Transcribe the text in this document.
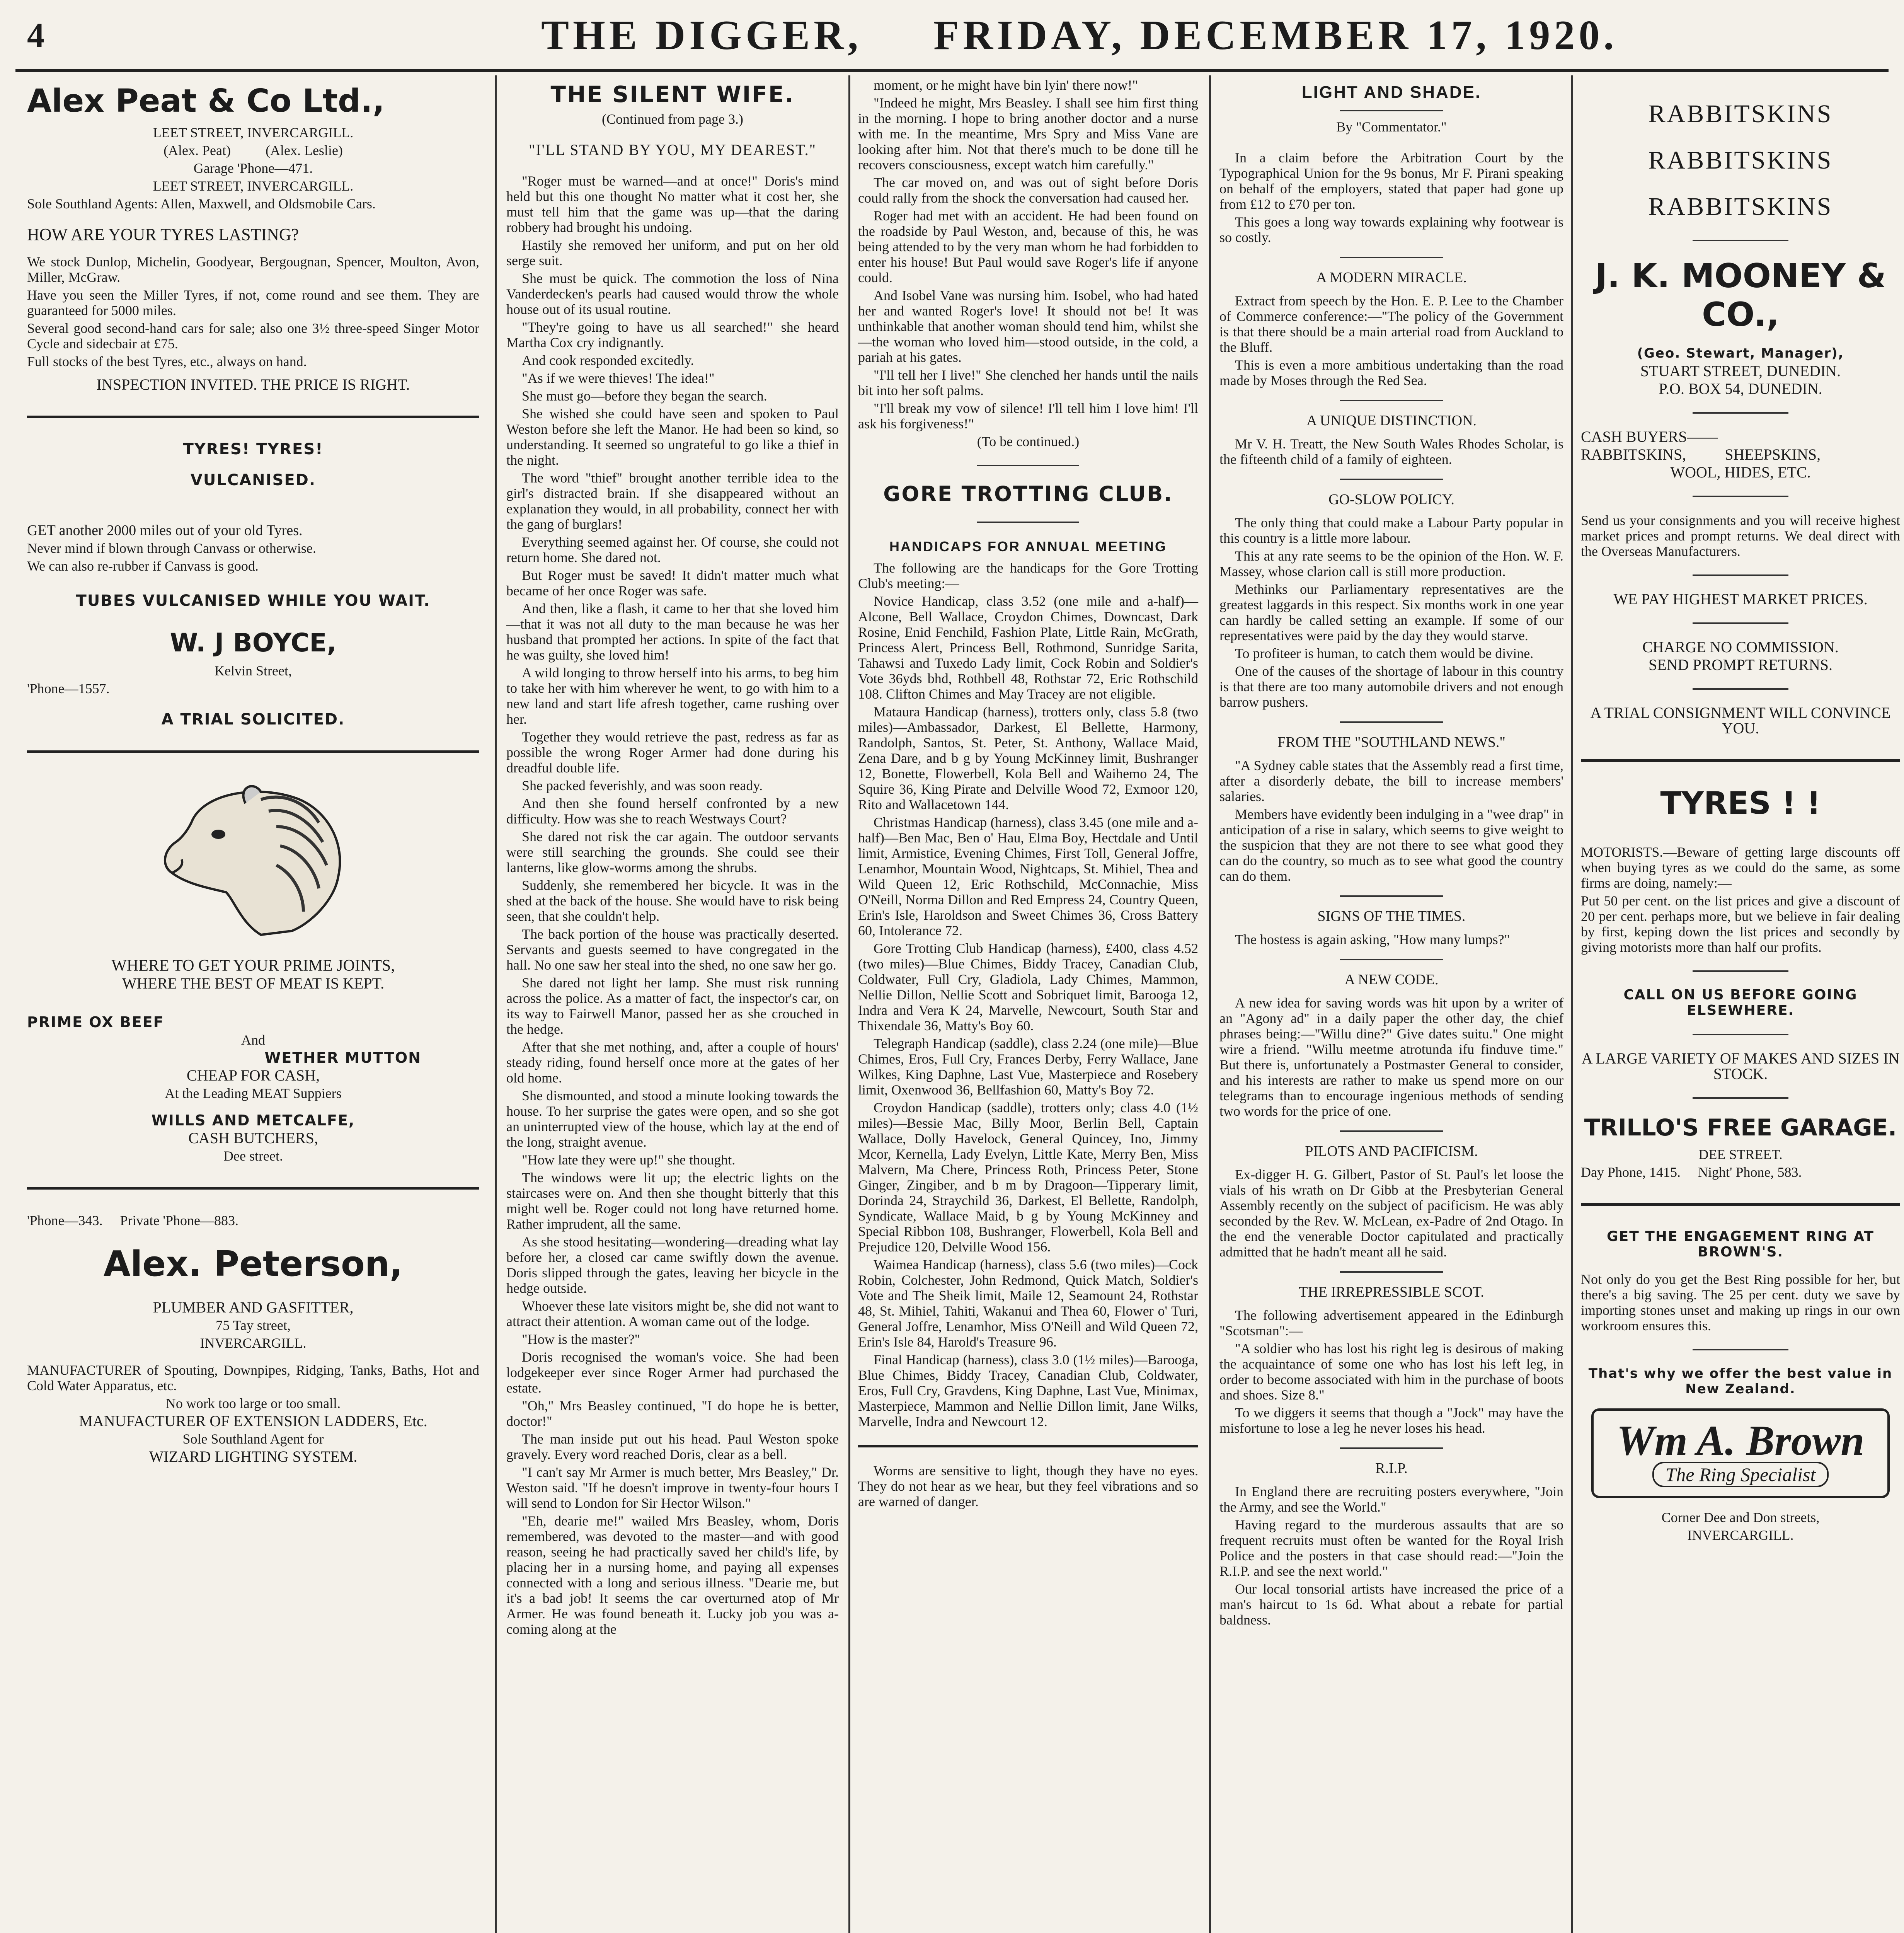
4	THE DIGGER, FRIDAY, DECEMBER 17, 1920.
Alex Peat & Co Ltd.,

LEET STREET, INVERCARGILL.

(Alex. Peat)          (Alex. Leslie)

Garage 'Phone—471.

LEET STREET, INVERCARGILL.

Sole Southland Agents: Allen, Maxwell, and Oldsmobile Cars.

HOW ARE YOUR TYRES LASTING?

We stock Dunlop, Michelin, Goodyear, Bergougnan, Spencer, Moulton, Avon, Miller, McGraw.

Have you seen the Miller Tyres, if not, come round and see them. They are guaranteed for 5000 miles.

Several good second-hand cars for sale; also one 3½ three-speed Singer Motor Cycle and sidecbair at £75.

Full stocks of the best Tyres, etc., always on hand.

INSPECTION INVITED. THE PRICE IS RIGHT.

TYRES! TYRES!

VULCANISED.

GET another 2000 miles out of your old Tyres.

Never mind if blown through Canvass or otherwise.

We can also re-rubber if Canvass is good.

TUBES VULCANISED WHILE YOU WAIT.

W. J BOYCE,

Kelvin Street,

'Phone—1557.

A TRIAL SOLICITED.

WHERE TO GET YOUR PRIME JOINTS,

WHERE THE BEST OF MEAT IS KEPT.

PRIME OX BEEF

And

WETHER MUTTON

CHEAP FOR CASH,

At the Leading MEAT Suppiers

WILLS AND METCALFE,

CASH BUTCHERS,

Dee street.

'Phone—343.     Private 'Phone—883.

Alex. Peterson,

PLUMBER AND GASFITTER,

75 Tay street,

INVERCARGILL.

MANUFACTURER of Spouting, Downpipes, Ridging, Tanks, Baths, Hot and Cold Water Apparatus, etc.

No work too large or too small.

MANUFACTURER OF EXTENSION LADDERS, Etc.

Sole Southland Agent for

WIZARD LIGHTING SYSTEM.

THE SILENT WIFE.

(Continued from page 3.)

"I'LL STAND BY YOU, MY DEAREST."

"Roger must be warned—and at once!" Doris's mind held but this one thought No matter what it cost her, she must tell him that the game was up—that the daring robbery had brought his undoing.

Hastily she removed her uniform, and put on her old serge suit.

She must be quick. The commotion the loss of Nina Vanderdecken's pearls had caused would throw the whole house out of its usual routine.

"They're going to have us all searched!" she heard Martha Cox cry indignantly.

And cook responded excitedly.

"As if we were thieves! The idea!"

She must go—before they began the search.

She wished she could have seen and spoken to Paul Weston before she left the Manor. He had been so kind, so understanding. It seemed so ungrateful to go like a thief in the night.

The word "thief" brought another terrible idea to the girl's distracted brain. If she disappeared without an explanation they would, in all probability, connect her with the gang of burglars!

Everything seemed against her. Of course, she could not return home. She dared not.

But Roger must be saved! It didn't matter much what became of her once Roger was safe.

And then, like a flash, it came to her that she loved him—that it was not all duty to the man because he was her husband that prompted her actions. In spite of the fact that he was guilty, she loved him!

A wild longing to throw herself into his arms, to beg him to take her with him wherever he went, to go with him to a new land and start life afresh together, came rushing over her.

Together they would retrieve the past, redress as far as possible the wrong Roger Armer had done during his dreadful double life.

She packed feverishly, and was soon ready.

And then she found herself confronted by a new difficulty. How was she to reach Westways Court?

She dared not risk the car again. The outdoor servants were still searching the grounds. She could see their lanterns, like glow-worms among the shrubs.

Suddenly, she remembered her bicycle. It was in the shed at the back of the house. She would have to risk being seen, that she couldn't help.

The back portion of the house was practically deserted. Servants and guests seemed to have congregated in the hall. No one saw her steal into the shed, no one saw her go.

She dared not light her lamp. She must risk running across the police. As a matter of fact, the inspector's car, on its way to Fairwell Manor, passed her as she crouched in the hedge.

After that she met nothing, and, after a couple of hours' steady riding, found herself once more at the gates of her old home.

She dismounted, and stood a minute looking towards the house. To her surprise the gates were open, and so she got an uninterrupted view of the house, which lay at the end of the long, straight avenue.

"How late they were up!" she thought.

The windows were lit up; the electric lights on the staircases were on. And then she thought bitterly that this might well be. Roger could not long have returned home. Rather imprudent, all the same.

As she stood hesitating—wondering—dreading what lay before her, a closed car came swiftly down the avenue. Doris slipped through the gates, leaving her bicycle in the hedge outside.

Whoever these late visitors might be, she did not want to attract their attention. A woman came out of the lodge.

"How is the master?"

Doris recognised the woman's voice. She had been lodgekeeper ever since Roger Armer had purchased the estate.

"Oh," Mrs Beasley continued, "I do hope he is better, doctor!"

The man inside put out his head. Paul Weston spoke gravely. Every word reached Doris, clear as a bell.

"I can't say Mr Armer is much better, Mrs Beasley," Dr. Weston said. "If he doesn't improve in twenty-four hours I will send to London for Sir Hector Wilson."

"Eh, dearie me!" wailed Mrs Beasley, whom, Doris remembered, was devoted to the master—and with good reason, seeing he had practically saved her child's life, by placing her in a nursing home, and paying all expenses connected with a long and serious illness. "Dearie me, but it's a bad job! It seems the car overturned atop of Mr Armer. He was found beneath it. Lucky job you was a-coming along at the

moment, or he might have bin lyin' there now!"

"Indeed he might, Mrs Beasley. I shall see him first thing in the morning. I hope to bring another doctor and a nurse with me. In the meantime, Mrs Spry and Miss Vane are looking after him. Not that there's much to be done till he recovers consciousness, except watch him carefully."

The car moved on, and was out of sight before Doris could rally from the shock the conversation had caused her.

Roger had met with an accident. He had been found on the roadside by Paul Weston, and, because of this, he was being attended to by the very man whom he had forbidden to enter his house! But Paul would save Roger's life if anyone could.

And Isobel Vane was nursing him. Isobel, who had hated her and wanted Roger's love! It should not be! It was unthinkable that another woman should tend him, whilst she—the woman who loved him—stood outside, in the cold, a pariah at his gates.

"I'll tell her I live!" She clenched her hands until the nails bit into her soft palms.

"I'll break my vow of silence! I'll tell him I love him! I'll ask his forgiveness!"

(To be continued.)

GORE TROTTING CLUB.
HANDICAPS FOR ANNUAL MEETING

The following are the handicaps for the Gore Trotting Club's meeting:—

Novice Handicap, class 3.52 (one mile and a-half)—Alcone, Bell Wallace, Croydon Chimes, Downcast, Dark Rosine, Enid Fenchild, Fashion Plate, Little Rain, McGrath, Princess Alert, Princess Bell, Rothmond, Sunridge Sarita, Tahawsi and Tuxedo Lady limit, Cock Robin and Soldier's Vote 36yds bhd, Rothbell 48, Rothstar 72, Eric Rothschild 108. Clifton Chimes and May Tracey are not eligible.

Mataura Handicap (harness), trotters only, class 5.8 (two miles)—Ambassador, Darkest, El Bellette, Harmony, Randolph, Santos, St. Peter, St. Anthony, Wallace Maid, Zena Dare, and b g by Young McKinney limit, Bushranger 12, Bonette, Flowerbell, Kola Bell and Waihemo 24, The Squire 36, King Pirate and Delville Wood 72, Exmoor 120, Rito and Wallacetown 144.

Christmas Handicap (harness), class 3.45 (one mile and a-half)—Ben Mac, Ben o' Hau, Elma Boy, Hectdale and Until limit, Armistice, Evening Chimes, First Toll, General Joffre, Lenamhor, Mountain Wood, Nightcaps, St. Mihiel, Thea and Wild Queen 12, Eric Rothschild, McConnachie, Miss O'Neill, Norma Dillon and Red Empress 24, Country Queen, Erin's Isle, Haroldson and Sweet Chimes 36, Cross Battery 60, Intolerance 72.

Gore Trotting Club Handicap (harness), £400, class 4.52 (two miles)—Blue Chimes, Biddy Tracey, Canadian Club, Coldwater, Full Cry, Gladiola, Lady Chimes, Mammon, Nellie Dillon, Nellie Scott and Sobriquet limit, Barooga 12, Indra and Vera K 24, Marvelle, Newcourt, South Star and Thixendale 36, Matty's Boy 60.

Telegraph Handicap (saddle), class 2.24 (one mile)—Blue Chimes, Eros, Full Cry, Frances Derby, Ferry Wallace, Jane Wilkes, King Daphne, Last Vue, Masterpiece and Rosebery limit, Oxenwood 36, Bellfashion 60, Matty's Boy 72.

Croydon Handicap (saddle), trotters only; class 4.0 (1½ miles)—Bessie Mac, Billy Moor, Berlin Bell, Captain Wallace, Dolly Havelock, General Quincey, Ino, Jimmy Mcor, Kernella, Lady Evelyn, Little Kate, Merry Ben, Miss Malvern, Ma Chere, Princess Roth, Princess Peter, Stone Ginger, Zingiber, and b m by Dragoon—Tipperary limit, Dorinda 24, Straychild 36, Darkest, El Bellette, Randolph, Syndicate, Wallace Maid, b g by Young McKinney and Special Ribbon 108, Bushranger, Flowerbell, Kola Bell and Prejudice 120, Delville Wood 156.

Waimea Handicap (harness), class 5.6 (two miles)—Cock Robin, Colchester, John Redmond, Quick Match, Soldier's Vote and The Sheik limit, Maile 12, Seamount 24, Rothstar 48, St. Mihiel, Tahiti, Wakanui and Thea 60, Flower o' Turi, General Joffre, Lenamhor, Miss O'Neill and Wild Queen 72, Erin's Isle 84, Harold's Treasure 96.

Final Handicap (harness), class 3.0 (1½ miles)—Barooga, Blue Chimes, Biddy Tracey, Canadian Club, Coldwater, Eros, Full Cry, Gravdens, King Daphne, Last Vue, Minimax, Masterpiece, Mammon and Nellie Dillon limit, Jane Wilks, Marvelle, Indra and Newcourt 12.

Worms are sensitive to light, though they have no eyes. They do not hear as we hear, but they feel vibrations and so are warned of danger.

LIGHT AND SHADE.

By "Commentator."

In a claim before the Arbitration Court by the Typographical Union for the 9s bonus, Mr F. Pirani speaking on behalf of the employers, stated that paper had gone up from £12 to £70 per ton.

This goes a long way towards explaining why footwear is so costly.

A MODERN MIRACLE.

Extract from speech by the Hon. E. P. Lee to the Chamber of Commerce conference:—"The policy of the Government is that there should be a main arterial road from Auckland to the Bluff.

This is even a more ambitious undertaking than the road made by Moses through the Red Sea.

A UNIQUE DISTINCTION.

Mr V. H. Treatt, the New South Wales Rhodes Scholar, is the fifteenth child of a family of eighteen.

GO-SLOW POLICY.

The only thing that could make a Labour Party popular in this country is a little more labour.

This at any rate seems to be the opinion of the Hon. W. F. Massey, whose clarion call is still more production.

Methinks our Parliamentary representatives are the greatest laggards in this respect. Six months work in one year can hardly be called setting an example. If some of our representatives were paid by the day they would starve.

To profiteer is human, to catch them would be divine.

One of the causes of the shortage of labour in this country is that there are too many automobile drivers and not enough barrow pushers.

FROM THE "SOUTHLAND NEWS."

"A Sydney cable states that the Assembly read a first time, after a disorderly debate, the bill to increase members' salaries.

Members have evidently been indulging in a "wee drap" in anticipation of a rise in salary, which seems to give weight to the suspicion that they are not there to see what good they can do the country, so much as to see what good the country can do them.

SIGNS OF THE TIMES.

The hostess is again asking, "How many lumps?"

A NEW CODE.

A new idea for saving words was hit upon by a writer of an "Agony ad" in a daily paper the other day, the chief phrases being:—"Willu dine?" Give dates suitu." One might wire a friend. "Willu meetme atrotunda ifu finduve time." But there is, unfortunately a Postmaster General to consider, and his interests are rather to make us spend more on our telegrams than to encourage ingenious methods of sending two words for the price of one.

PILOTS AND PACIFICISM.

Ex-digger H. G. Gilbert, Pastor of St. Paul's let loose the vials of his wrath on Dr Gibb at the Presbyterian General Assembly recently on the subject of pacificism. He was ably seconded by the Rev. W. McLean, ex-Padre of 2nd Otago. In the end the venerable Doctor capitulated and practically admitted that he hadn't meant all he said.

THE IRREPRESSIBLE SCOT.

The following advertisement appeared in the Edinburgh "Scotsman":—

"A soldier who has lost his right leg is desirous of making the acquaintance of some one who has lost his left leg, in order to become associated with him in the purchase of boots and shoes. Size 8."

To we diggers it seems that though a "Jock" may have the misfortune to lose a leg he never loses his head.

R.I.P.

In England there are recruiting posters everywhere, "Join the Army, and see the World."

Having regard to the murderous assaults that are so frequent recruits must often be wanted for the Royal Irish Police and the posters in that case should read:—"Join the R.I.P. and see the next world."

Our local tonsorial artists have increased the price of a man's haircut to 1s 6d. What about a rebate for partial baldness.

RABBITSKINS

RABBITSKINS

RABBITSKINS

J. K. MOONEY & CO.,

(Geo. Stewart, Manager),

STUART STREET, DUNEDIN.

P.O. BOX 54, DUNEDIN.

CASH BUYERS——

RABBITSKINS,          SHEEPSKINS,

WOOL, HIDES, ETC.

Send us your consignments and you will receive highest market prices and prompt returns. We deal direct with the Overseas Manufacturers.

WE PAY HIGHEST MARKET PRICES.

CHARGE NO COMMISSION.

SEND PROMPT RETURNS.

A TRIAL CONSIGNMENT WILL CONVINCE YOU.

TYRES ! !

MOTORISTS.—Beware of getting large discounts off when buying tyres as we could do the same, as some firms are doing, namely:—

Put 50 per cent. on the list prices and give a discount of 20 per cent. perhaps more, but we believe in fair dealing by first, keping down the list prices and secondly by giving motorists more than half our profits.

CALL ON US BEFORE GOING ELSEWHERE.

A LARGE VARIETY OF MAKES AND SIZES IN STOCK.

TRILLO'S FREE GARAGE.

DEE STREET.

Day Phone, 1415.     Night' Phone, 583.

GET THE ENGAGEMENT RING AT BROWN'S.

Not only do you get the Best Ring possible for her, but there's a big saving. The 25 per cent. duty we save by importing stones unset and making up rings in our own workroom ensures this.

That's why we offer the best value in New Zealand.

Wm A. Brown
The Ring Specialist

Corner Dee and Don streets,

INVERCARGILL.
